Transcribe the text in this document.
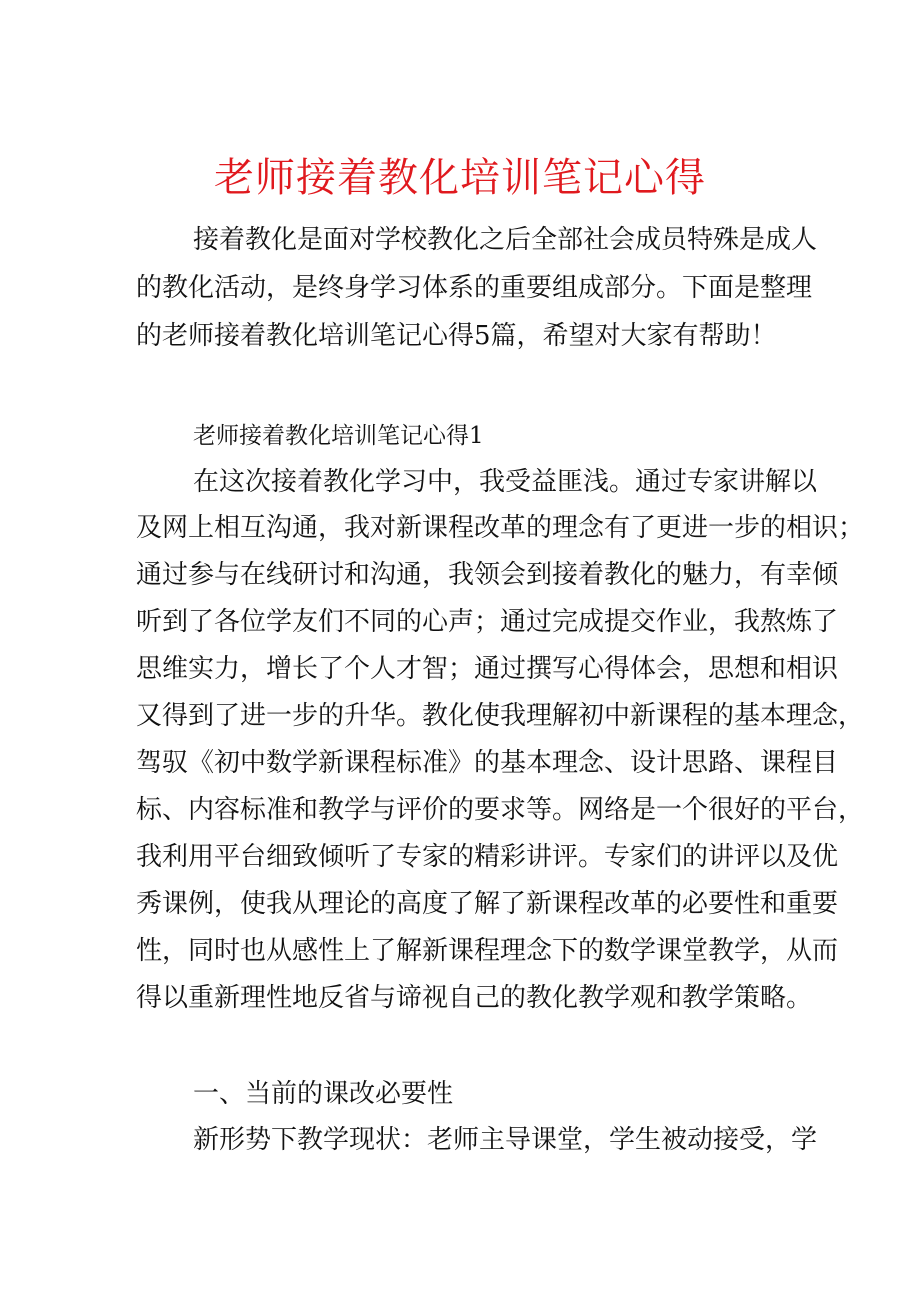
老师接着教化培训笔记心得
接着教化是面对学校教化之后全部社会成员特殊是成人
的教化活动，是终身学习体系的重要组成部分。下面是整理
的老师接着教化培训笔记心得5篇，希望对大家有帮助！
老师接着教化培训笔记心得1
在这次接着教化学习中，我受益匪浅。通过专家讲解以
及网上相互沟通，我对新课程改革的理念有了更进一步的相识；
通过参与在线研讨和沟通，我领会到接着教化的魅力，有幸倾
听到了各位学友们不同的心声；通过完成提交作业，我熬炼了
思维实力，增长了个人才智；通过撰写心得体会，思想和相识
又得到了进一步的升华。教化使我理解初中新课程的基本理念，
驾驭《初中数学新课程标准》的基本理念、设计思路、课程目
标、内容标准和教学与评价的要求等。网络是一个很好的平台，
我利用平台细致倾听了专家的精彩讲评。专家们的讲评以及优
秀课例，使我从理论的高度了解了新课程改革的必要性和重要
性，同时也从感性上了解新课程理念下的数学课堂教学，从而
得以重新理性地反省与谛视自己的教化教学观和教学策略。
一、当前的课改必要性
新形势下教学现状：老师主导课堂，学生被动接受，学
